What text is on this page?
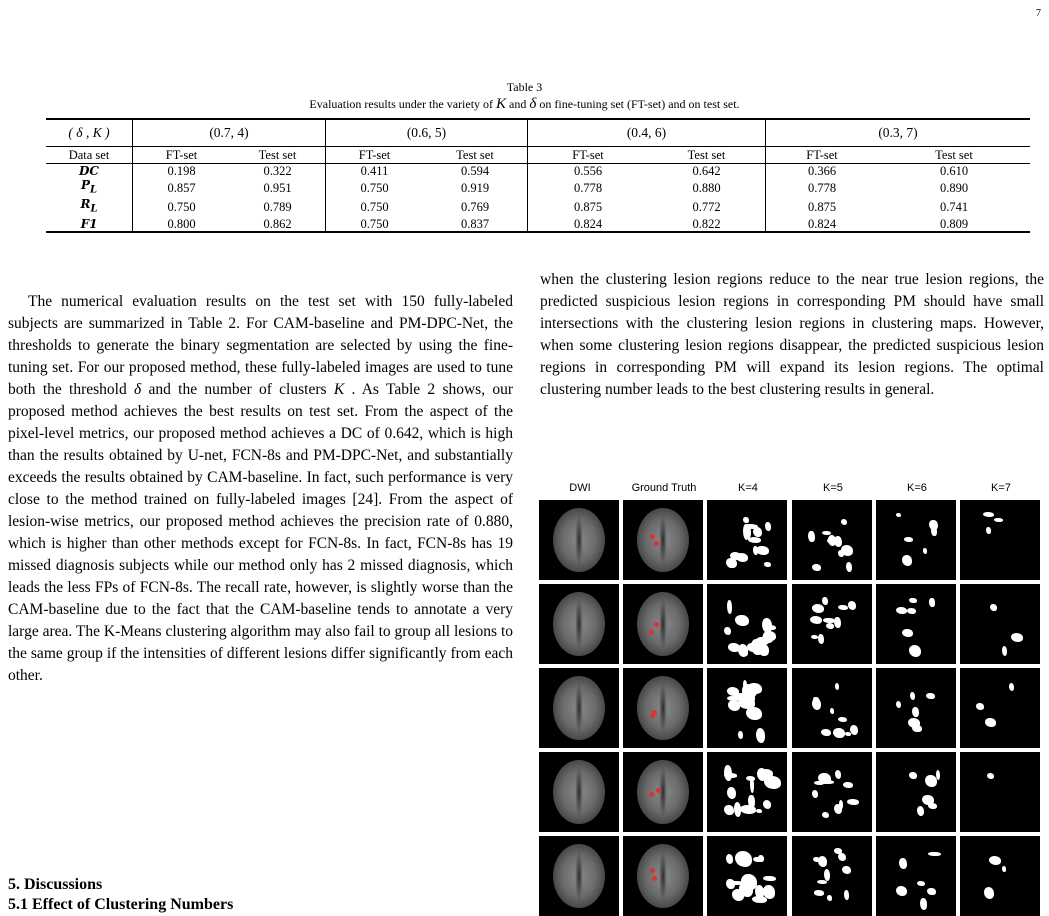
7
Table 3
Evaluation results under the variety of K and δ on fine-tuning set (FT-set) and on test set.
( δ , K )	(0.7, 4)		(0.6, 5)		(0.4, 6)		(0.3, 7)	
Data set	FT-set	Test set	FT-set	Test set	FT-set	Test set	FT-set	Test set
DC	0.198	0.322	0.411	0.594	0.556	0.642	0.366	0.610
$P_L$	0.857	0.951	0.750	0.919	0.778	0.880	0.778	0.890
$R_L$	0.750	0.789	0.750	0.769	0.875	0.772	0.875	0.741
F1	0.800	0.862	0.750	0.837	0.824	0.822	0.824	0.809

The numerical evaluation results on the test set with 150 fully-labeled subjects are summarized in Table 2. For CAM-baseline and PM-DPC-Net, the thresholds to generate the binary segmentation are selected by using the fine-tuning set. For our proposed method, these fully-labeled images are used to tune both the threshold δ and the number of clusters K . As Table 2 shows, our proposed method achieves the best results on test set. From the aspect of the pixel-level metrics, our proposed method achieves a DC of 0.642, which is high than the results obtained by U-net, FCN-8s and PM-DPC-Net, and substantially exceeds the results obtained by CAM-baseline. In fact, such performance is very close to the method trained on fully-labeled images [24]. From the aspect of lesion-wise metrics, our proposed method achieves the precision rate of 0.880, which is higher than other methods except for FCN-8s. In fact, FCN-8s has 19 missed diagnosis subjects while our method only has 2 missed diagnosis, which leads the less FPs of FCN-8s. The recall rate, however, is slightly worse than the CAM-baseline due to the fact that the CAM-baseline tends to annotate a very large area. The K-Means clustering algorithm may also fail to group all lesions to the same group if the intensities of different lesions differ significantly from each other.

5. Discussions
5.1 Effect of Clustering Numbers

when the clustering lesion regions reduce to the near true lesion regions, the predicted suspicious lesion regions in corresponding PM should have small intersections with the clustering lesion regions in clustering maps. However, when some clustering lesion regions disappear, the predicted suspicious lesion regions in corresponding PM will expand its lesion regions. The optimal clustering number leads to the best clustering results in general.

DWI	Ground Truth	K=4	K=5	K=6	K=7
